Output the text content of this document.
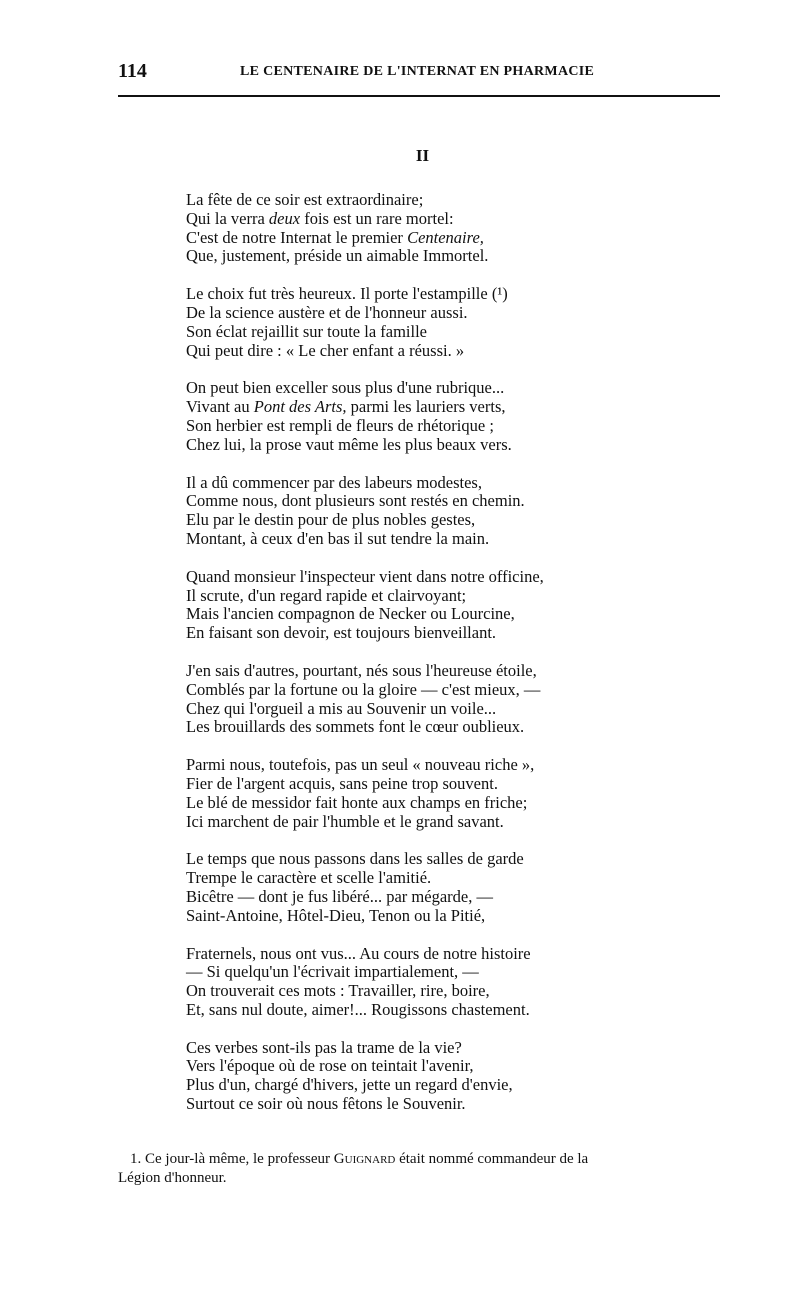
114	LE CENTENAIRE DE L'INTERNAT EN PHARMACIE
II
La fête de ce soir est extraordinaire;
Qui la verra deux fois est un rare mortel:
C'est de notre Internat le premier Centenaire,
Que, justement, préside un aimable Immortel.
Le choix fut très heureux. Il porte l'estampille (¹)
De la science austère et de l'honneur aussi.
Son éclat rejaillit sur toute la famille
Qui peut dire : « Le cher enfant a réussi. »
On peut bien exceller sous plus d'une rubrique...
Vivant au Pont des Arts, parmi les lauriers verts,
Son herbier est rempli de fleurs de rhétorique ;
Chez lui, la prose vaut même les plus beaux vers.
Il a dû commencer par des labeurs modestes,
Comme nous, dont plusieurs sont restés en chemin.
Elu par le destin pour de plus nobles gestes,
Montant, à ceux d'en bas il sut tendre la main.
Quand monsieur l'inspecteur vient dans notre officine,
Il scrute, d'un regard rapide et clairvoyant;
Mais l'ancien compagnon de Necker ou Lourcine,
En faisant son devoir, est toujours bienveillant.
J'en sais d'autres, pourtant, nés sous l'heureuse étoile,
Comblés par la fortune ou la gloire — c'est mieux, —
Chez qui l'orgueil a mis au Souvenir un voile...
Les brouillards des sommets font le cœur oublieux.
Parmi nous, toutefois, pas un seul « nouveau riche »,
Fier de l'argent acquis, sans peine trop souvent.
Le blé de messidor fait honte aux champs en friche;
Ici marchent de pair l'humble et le grand savant.
Le temps que nous passons dans les salles de garde
Trempe le caractère et scelle l'amitié.
Bicêtre — dont je fus libéré... par mégarde, —
Saint-Antoine, Hôtel-Dieu, Tenon ou la Pitié,
Fraternels, nous ont vus... Au cours de notre histoire
— Si quelqu'un l'écrivait impartialement, —
On trouverait ces mots : Travailler, rire, boire,
Et, sans nul doute, aimer!... Rougissons chastement.
Ces verbes sont-ils pas la trame de la vie?
Vers l'époque où de rose on teintait l'avenir,
Plus d'un, chargé d'hivers, jette un regard d'envie,
Surtout ce soir où nous fêtons le Souvenir.
1. Ce jour-là même, le professeur Guignard était nommé commandeur de la
Légion d'honneur.
